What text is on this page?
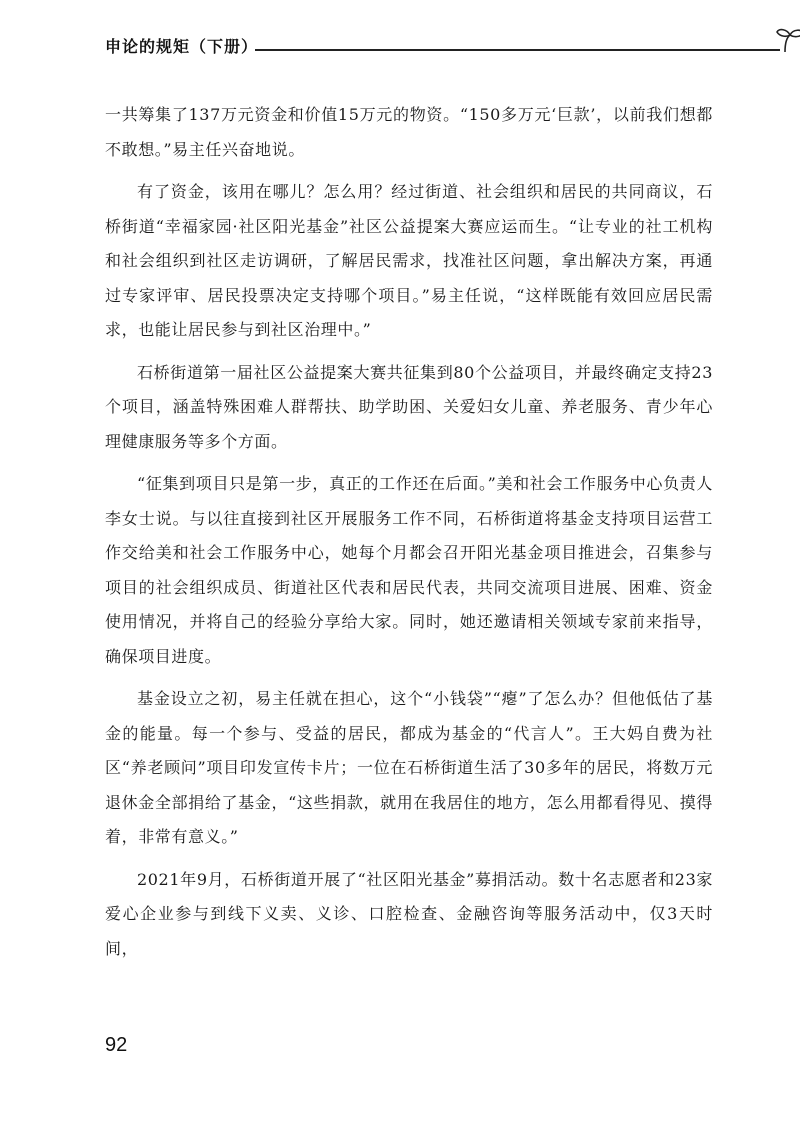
申论的规矩（下册）

一共筹集了137万元资金和价值15万元的物资。“150多万元‘巨款’，以前我们想都不敢想。”易主任兴奋地说。

有了资金，该用在哪儿？怎么用？经过街道、社会组织和居民的共同商议，石桥街道“幸福家园·社区阳光基金”社区公益提案大赛应运而生。“让专业的社工机构和社会组织到社区走访调研，了解居民需求，找准社区问题，拿出解决方案，再通过专家评审、居民投票决定支持哪个项目。”易主任说，“这样既能有效回应居民需求，也能让居民参与到社区治理中。”

石桥街道第一届社区公益提案大赛共征集到80个公益项目，并最终确定支持23个项目，涵盖特殊困难人群帮扶、助学助困、关爱妇女儿童、养老服务、青少年心理健康服务等多个方面。

“征集到项目只是第一步，真正的工作还在后面。”美和社会工作服务中心负责人李女士说。与以往直接到社区开展服务工作不同，石桥街道将基金支持项目运营工作交给美和社会工作服务中心，她每个月都会召开阳光基金项目推进会，召集参与项目的社会组织成员、街道社区代表和居民代表，共同交流项目进展、困难、资金使用情况，并将自己的经验分享给大家。同时，她还邀请相关领域专家前来指导，确保项目进度。

基金设立之初，易主任就在担心，这个“小钱袋”“瘪”了怎么办？但他低估了基金的能量。每一个参与、受益的居民，都成为基金的“代言人”。王大妈自费为社区“养老顾问”项目印发宣传卡片；一位在石桥街道生活了30多年的居民，将数万元退休金全部捐给了基金，“这些捐款，就用在我居住的地方，怎么用都看得见、摸得着，非常有意义。”

2021年9月，石桥街道开展了“社区阳光基金”募捐活动。数十名志愿者和23家爱心企业参与到线下义卖、义诊、口腔检查、金融咨询等服务活动中，仅3天时间，

92
